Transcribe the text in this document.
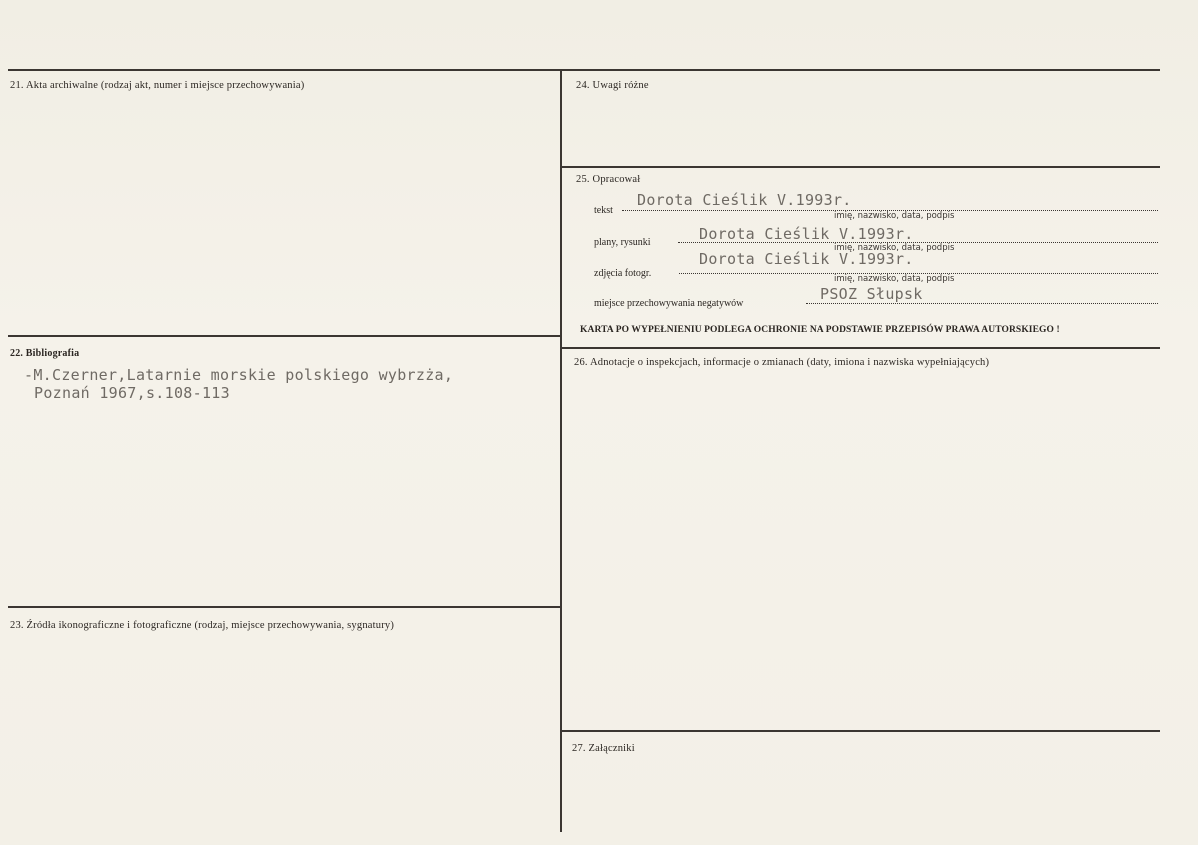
21. Akta archiwalne (rodzaj akt, numer i miejsce przechowywania)
22. Bibliografia
-M.Czerner,Latarnie morskie polskiego wybrzża,
Poznań 1967,s.108-113
23. Źródła ikonograficzne i fotograficzne (rodzaj, miejsce przechowywania, sygnatury)
24. Uwagi różne
25. Opracował
tekst
Dorota Cieślik V.1993r.
imię, nazwisko, data, podpis
plany, rysunki	Dorota Cieślik V.1993r.
imię, nazwisko, data, podpis
zdjęcia fotogr.
Dorota Cieślik V.1993r.
imię, nazwisko, data, podpis
miejsce przechowywania negatywów
PSOZ Słupsk
KARTA PO WYPEŁNIENIU PODLEGA OCHRONIE NA PODSTAWIE PRZEPISÓW PRAWA AUTORSKIEGO !
26. Adnotacje o inspekcjach, informacje o zmianach (daty, imiona i nazwiska wypełniających)
27. Załączniki
